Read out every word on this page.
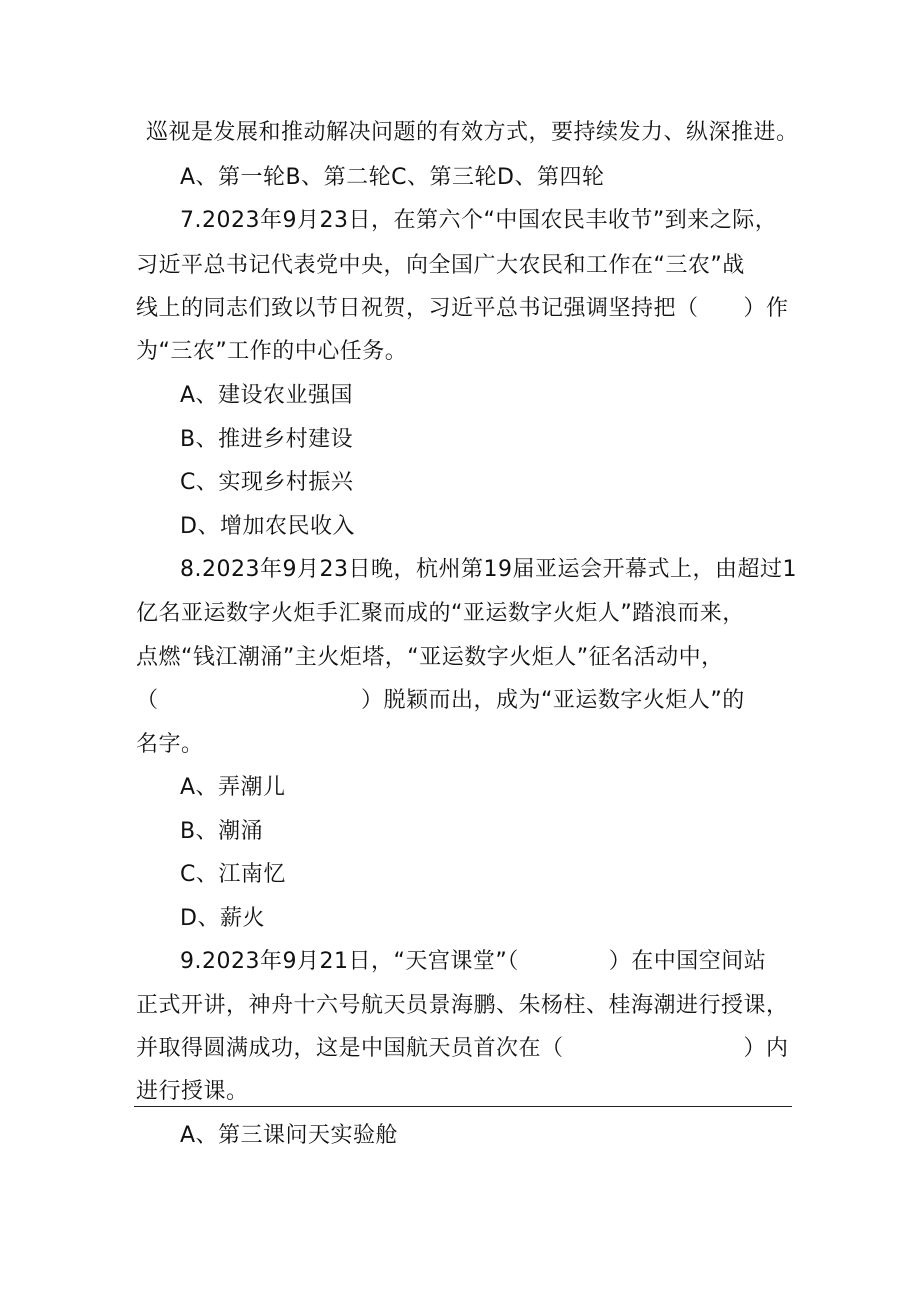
巡视是发展和推动解决问题的有效方式，要持续发力、纵深推进。
A、第一轮B、第二轮C、第三轮D、第四轮
7.2023年9月23日，在第六个“中国农民丰收节”到来之际，
习近平总书记代表党中央，向全国广大农民和工作在“三农”战
线上的同志们致以节日祝贺，习近平总书记强调坚持把（　　）作
为“三农”工作的中心任务。
A、建设农业强国
B、推进乡村建设
C、实现乡村振兴
D、增加农民收入
8.2023年9月23日晚，杭州第19届亚运会开幕式上，由超过1
亿名亚运数字火炬手汇聚而成的“亚运数字火炬人”踏浪而来，
点燃“钱江潮涌”主火炬塔，“亚运数字火炬人”征名活动中，
（　　　　　　　　　）脱颖而出，成为“亚运数字火炬人”的
名字。
A、弄潮儿
B、潮涌
C、江南忆
D、薪火
9.2023年9月21日，“天宫课堂”（　　　　）在中国空间站
正式开讲，神舟十六号航天员景海鹏、朱杨柱、桂海潮进行授课，
并取得圆满成功，这是中国航天员首次在（　　　　　　　　）内
进行授课。
A、第三课问天实验舱
